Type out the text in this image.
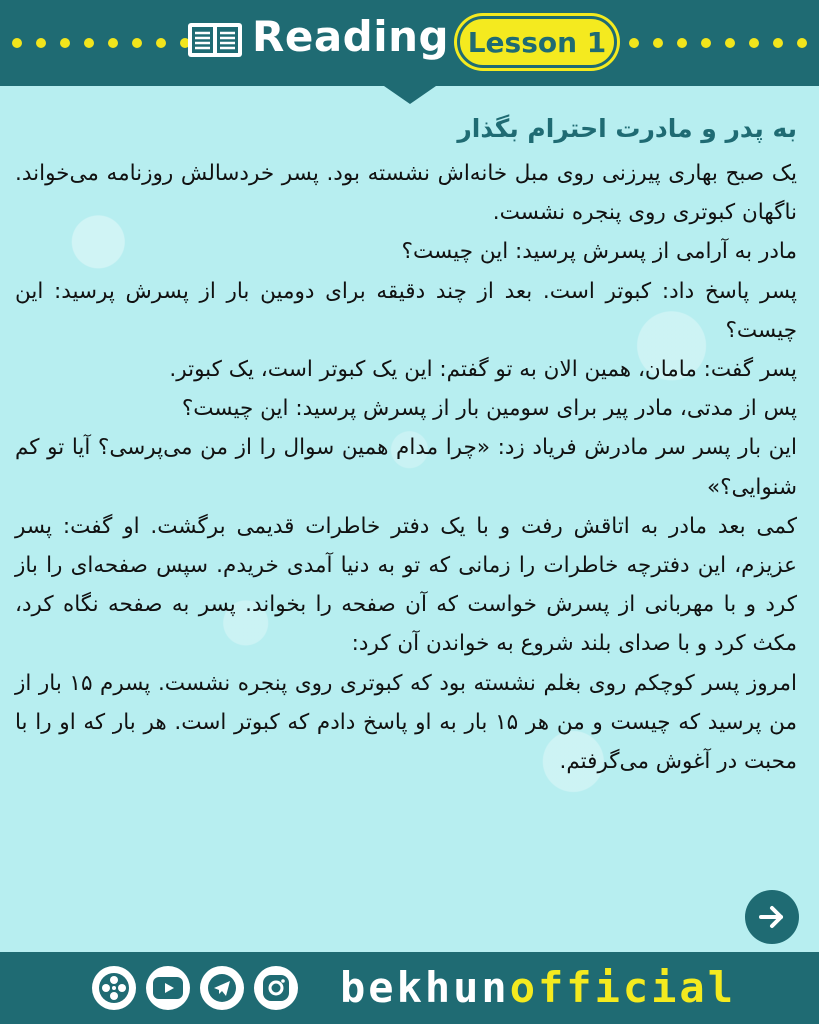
Reading Lesson 1
به پدر و مادرت احترام بگذار

یک صبح بهاری پیرزنی روی مبل خانه‌اش نشسته بود. پسر خردسالش روزنامه می‌خواند. ناگهان کبوتری روی پنجره نشست.

مادر به آرامی از پسرش پرسید: این چیست؟

پسر پاسخ داد: کبوتر است. بعد از چند دقیقه برای دومین بار از پسرش پرسید: این چیست؟

پسر گفت: ماما‌ن، همین الان به تو گفتم: این یک کبوتر است، یک کبوتر.

پس از مدتی، مادر پیر برای سومین بار از پسرش پرسید: این چیست؟

این بار پسر سر مادرش فریاد زد: «چرا مدام همین سوال را از من می‌پرسی؟ آیا تو کم شنوایی؟»

کمی بعد مادر به اتاقش رفت و با یک دفتر خاطرات قدیمی برگشت. او گفت: پسر عزیزم، این دفترچه خاطرات را زمانی که تو به دنیا آمدی خریدم. سپس صفحه‌ای را باز کرد و با مهربانی از پسرش خواست که آن صفحه را بخواند. پسر به صفحه نگاه کرد، مکث کرد و با صدای بلند شروع به خواندن آن کرد:

امروز پسر کوچکم روی بغلم نشسته بود که کبوتری روی پنجره نشست. پسرم ۱۵ بار از من پرسید که چیست و من هر ۱۵ بار به او پاسخ دادم که کبوتر است. هر بار که او را با محبت در آغوش می‌گرفتم.

bekhunofficial
